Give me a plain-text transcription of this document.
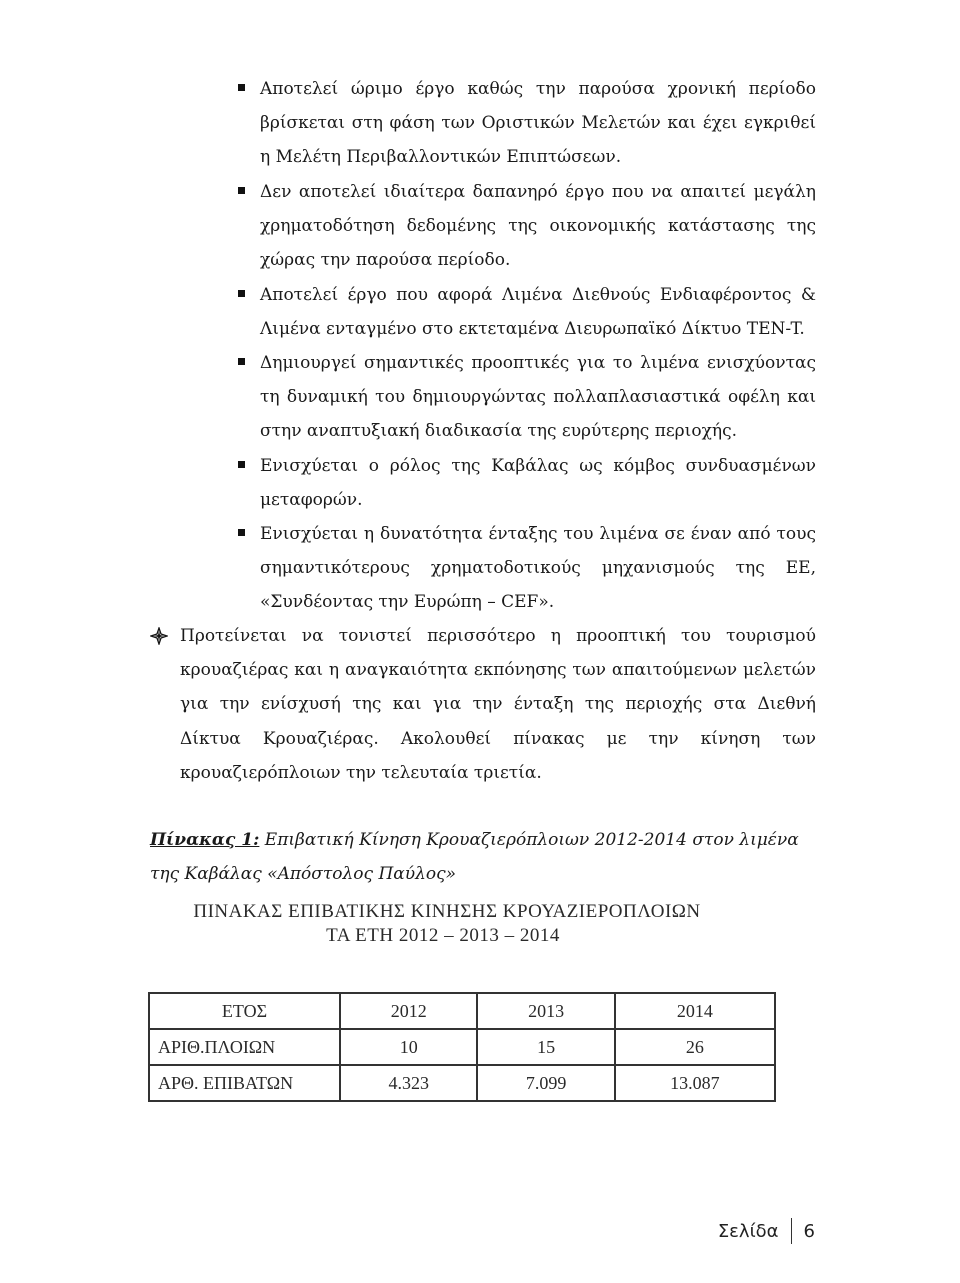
Αποτελεί ώριμο έργο καθώς την παρούσα χρονική περίοδο βρίσκεται στη φάση των Οριστικών Μελετών και έχει εγκριθεί η Μελέτη Περιβαλλοντικών Επιπτώσεων.

Δεν αποτελεί ιδιαίτερα δαπανηρό έργο που να απαιτεί μεγάλη χρηματοδότηση δεδομένης της οικονομικής κατάστασης της χώρας την παρούσα περίοδο.

Αποτελεί έργο που αφορά Λιμένα Διεθνούς Ενδιαφέροντος & Λιμένα ενταγμένο στο εκτεταμένα Διευρωπαϊκό Δίκτυο TEN-T.

Δημιουργεί σημαντικές προοπτικές για το λιμένα ενισχύοντας τη δυναμική του δημιουργώντας πολλαπλασιαστικά οφέλη και στην αναπτυξιακή διαδικασία της ευρύτερης περιοχής.

Ενισχύεται ο ρόλος της Καβάλας ως κόμβος συνδυασμένων μεταφορών.

Ενισχύεται η δυνατότητα ένταξης του λιμένα σε έναν από τους σημαντικότερους χρηματοδοτικούς μηχανισμούς της ΕΕ, «Συνδέοντας την Ευρώπη – CEF».

Προτείνεται να τονιστεί περισσότερο η προοπτική του τουρισμού κρουαζιέρας και η αναγκαιότητα εκπόνησης των απαιτούμενων μελετών για την ενίσχυσή της και για την ένταξη της περιοχής στα Διεθνή Δίκτυα Κρουαζιέρας. Ακολουθεί πίνακας με την κίνηση των κρουαζιερόπλοιων την τελευταία τριετία.
Πίνακας 1: Επιβατική Κίνηση Κρουαζιερόπλοιων 2012-2014 στον λιμένα της Καβάλας «Απόστολος Παύλος»
ΠΙΝΑΚΑΣ ΕΠΙΒΑΤΙΚΗΣ ΚΙΝΗΣΗΣ ΚΡΟΥΑΖΙΕΡΟΠΛΟΙΩΝ
ΤΑ ΕΤΗ 2012 – 2013 – 2014
ΕΤΟΣ	2012	2013	2014
ΑΡΙΘ.ΠΛΟΙΩΝ	10	15	26
ΑΡΘ. ΕΠΙΒΑΤΩΝ	4.323	7.099	13.087
Σελίδα 6
